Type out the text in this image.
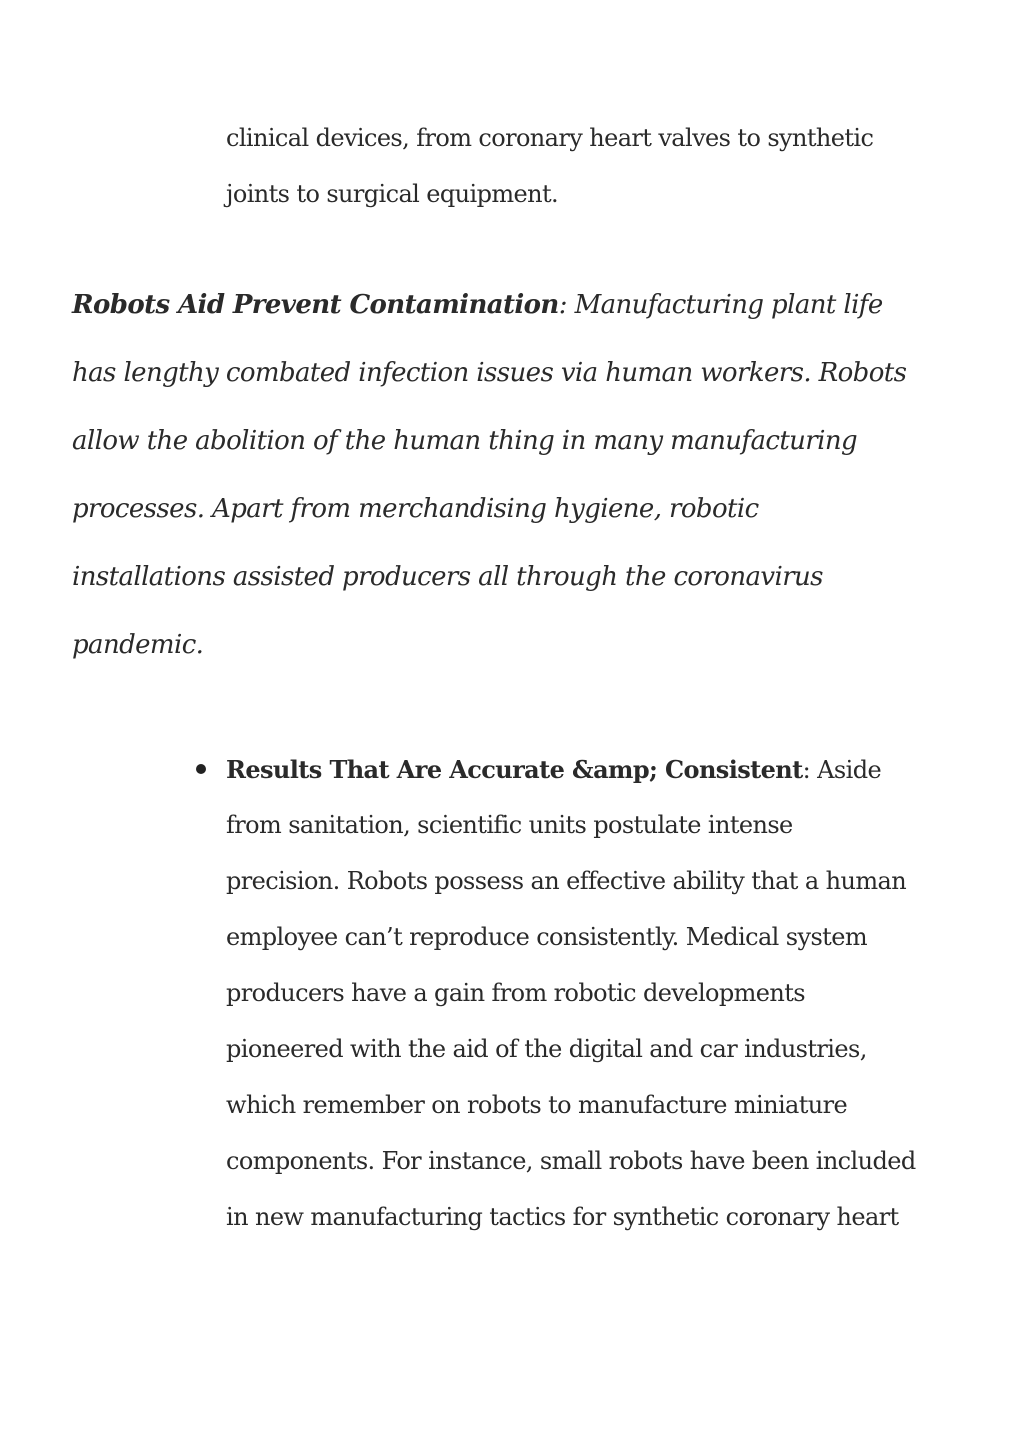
clinical devices, from coronary heart valves to synthetic
joints to surgical equipment.
Robots Aid Prevent Contamination: Manufacturing plant life
has lengthy combated infection issues via human workers. Robots
allow the abolition of the human thing in many manufacturing
processes. Apart from merchandising hygiene, robotic
installations assisted producers all through the coronavirus
pandemic.
Results That Are Accurate &amp; Consistent: Aside
from sanitation, scientific units postulate intense
precision. Robots possess an effective ability that a human
employee can’t reproduce consistently. Medical system
producers have a gain from robotic developments
pioneered with the aid of the digital and car industries,
which remember on robots to manufacture miniature
components. For instance, small robots have been included
in new manufacturing tactics for synthetic coronary heart
